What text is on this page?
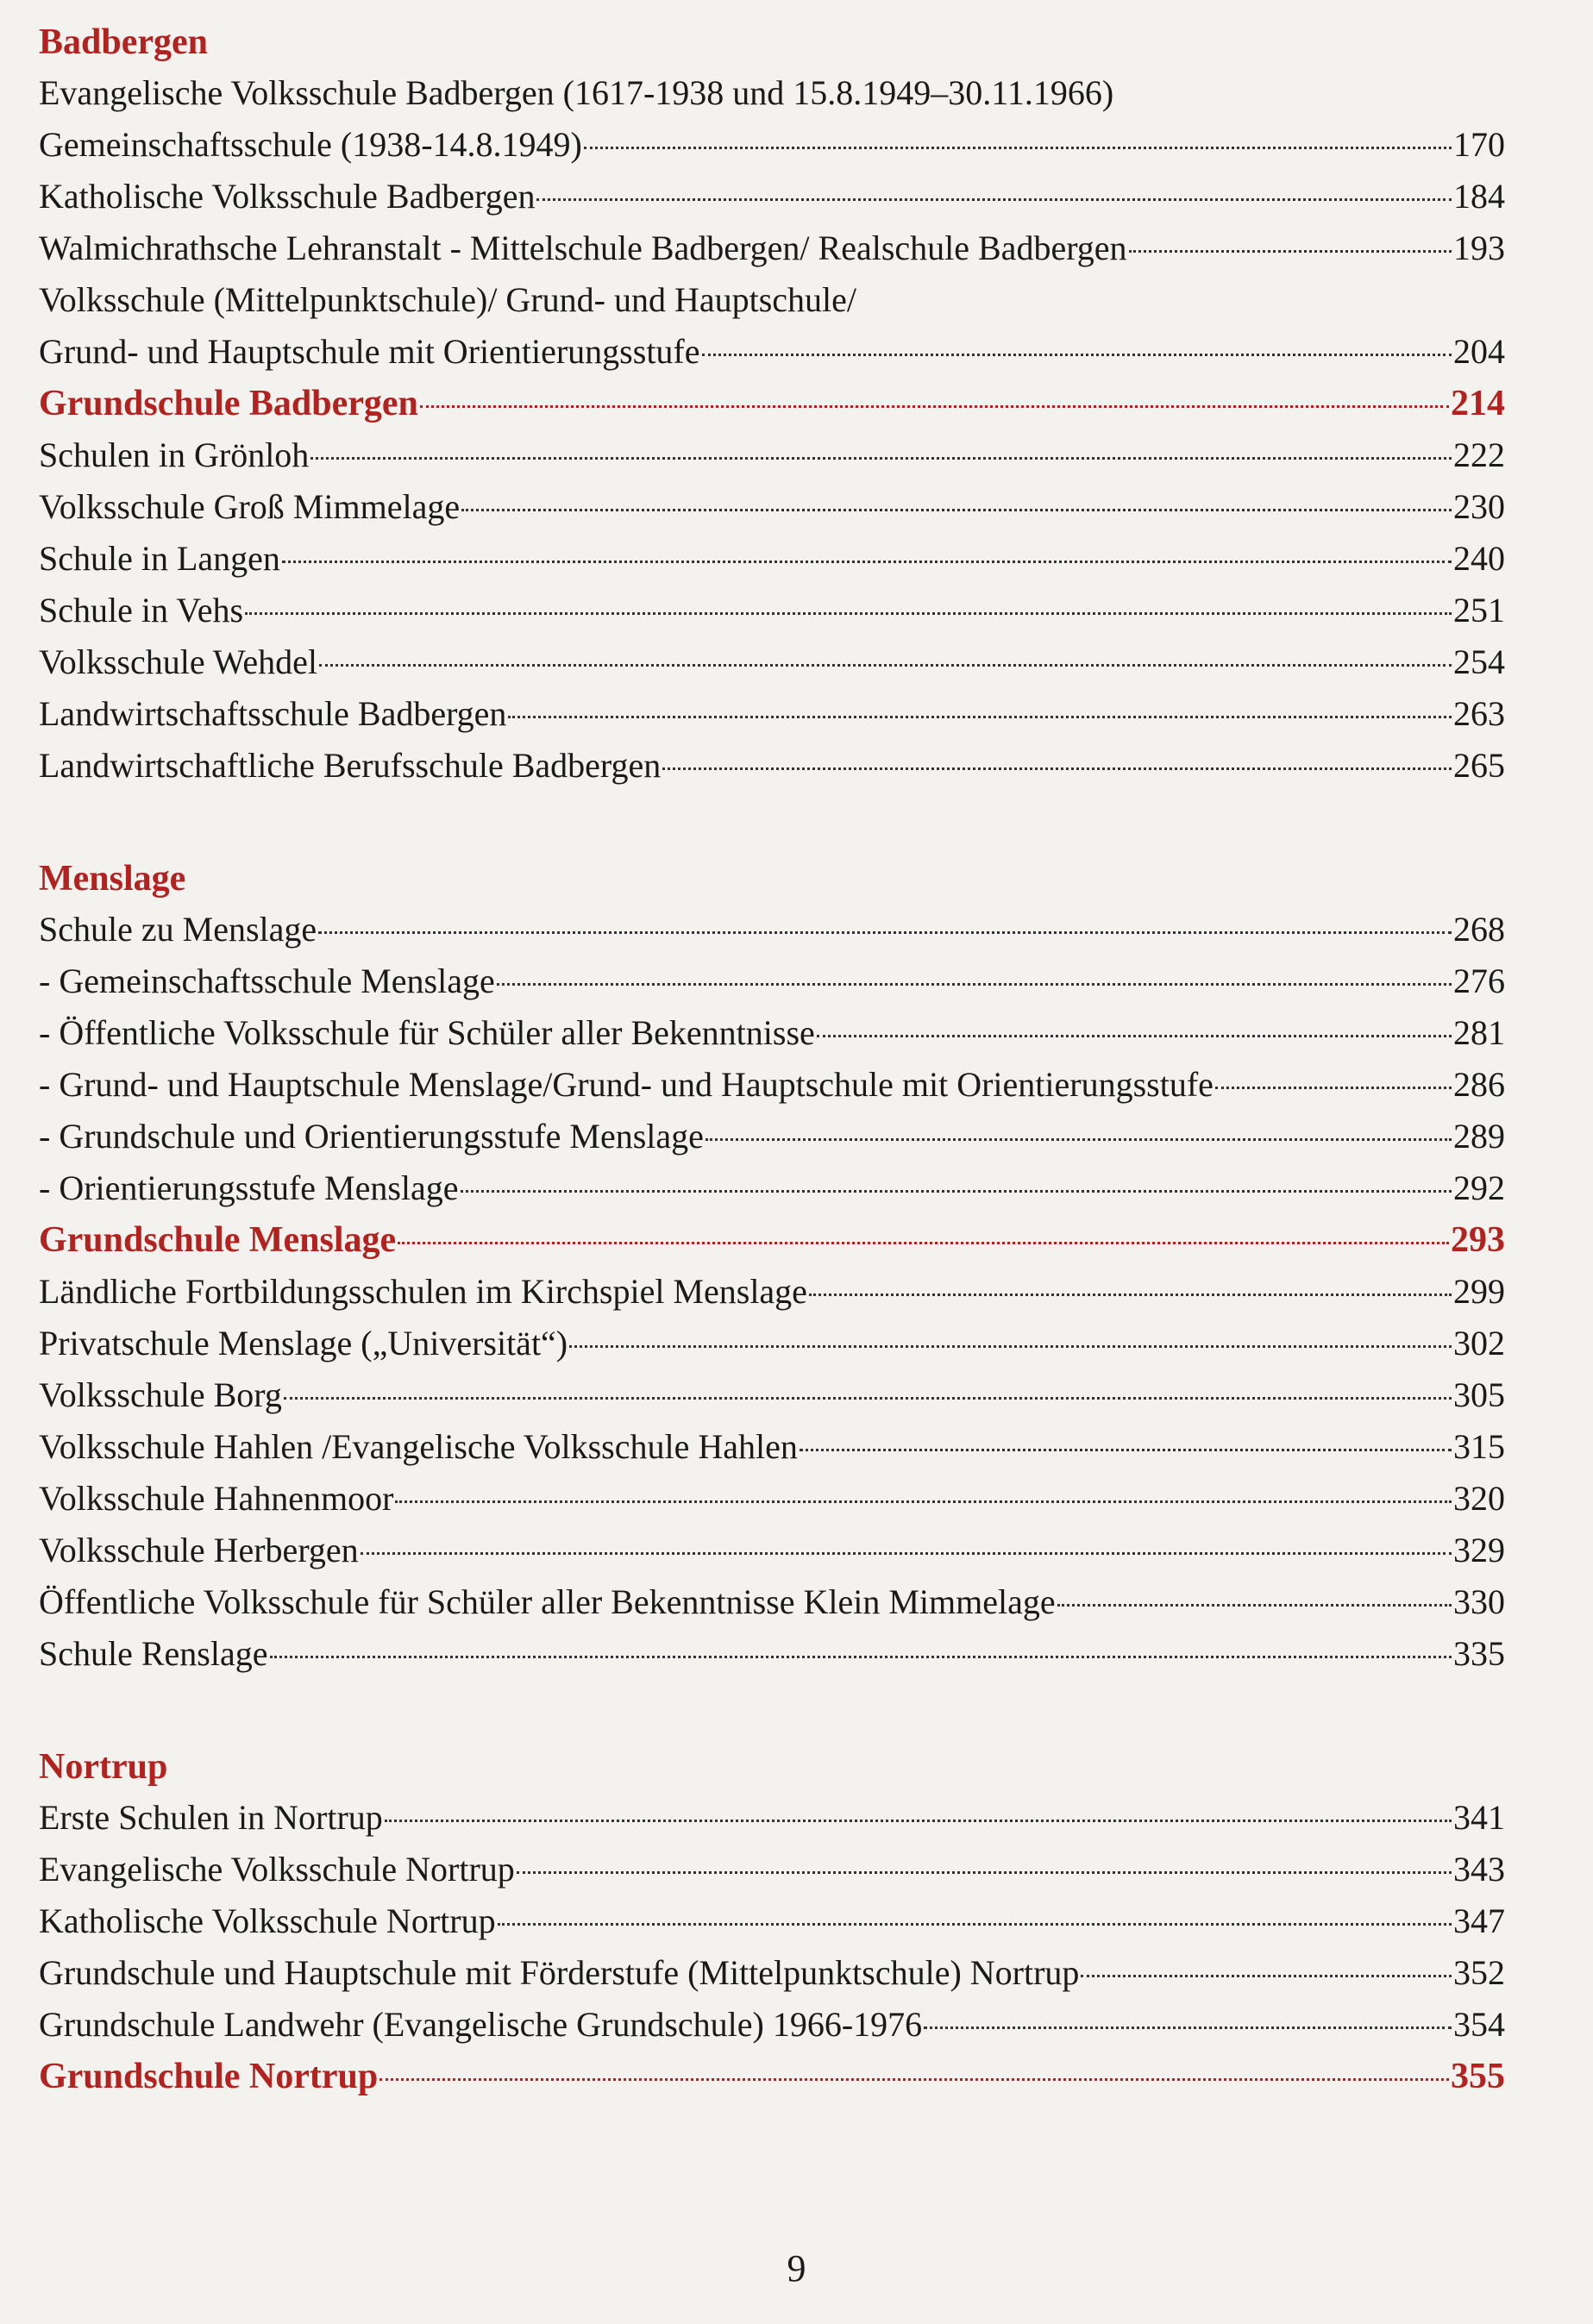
Badbergen
Evangelische Volksschule Badbergen (1617-1938 und 15.8.1949–30.11.1966)
Gemeinschaftsschule (1938-14.8.1949)	170
Katholische Volksschule Badbergen	184
Walmichrathsche Lehranstalt - Mittelschule Badbergen/ Realschule Badbergen	193
Volksschule (Mittelpunktschule)/ Grund- und Hauptschule/
Grund- und Hauptschule mit Orientierungsstufe	204
Grundschule Badbergen	214
Schulen in Grönloh	222
Volksschule Groß Mimmelage	230
Schule in Langen	240
Schule in Vehs	251
Volksschule Wehdel	254
Landwirtschaftsschule Badbergen	263
Landwirtschaftliche Berufsschule Badbergen	265
Menslage
Schule zu Menslage	268
- Gemeinschaftsschule Menslage	276
- Öffentliche Volksschule für Schüler aller Bekenntnisse	281
- Grund- und Hauptschule Menslage/Grund- und Hauptschule mit Orientierungsstufe	286
- Grundschule und Orientierungsstufe Menslage	289
- Orientierungsstufe Menslage	292
Grundschule Menslage	293
Ländliche Fortbildungsschulen im Kirchspiel Menslage	299
Privatschule Menslage („Universität“)	302
Volksschule Borg	305
Volksschule Hahlen /Evangelische Volksschule Hahlen	315
Volksschule Hahnenmoor	320
Volksschule Herbergen	329
Öffentliche Volksschule für Schüler aller Bekenntnisse Klein Mimmelage	330
Schule Renslage	335
Nortrup
Erste Schulen in Nortrup	341
Evangelische Volksschule Nortrup	343
Katholische Volksschule Nortrup	347
Grundschule und Hauptschule mit Förderstufe (Mittelpunktschule) Nortrup	352
Grundschule Landwehr (Evangelische Grundschule) 1966-1976	354
Grundschule Nortrup	355
9
